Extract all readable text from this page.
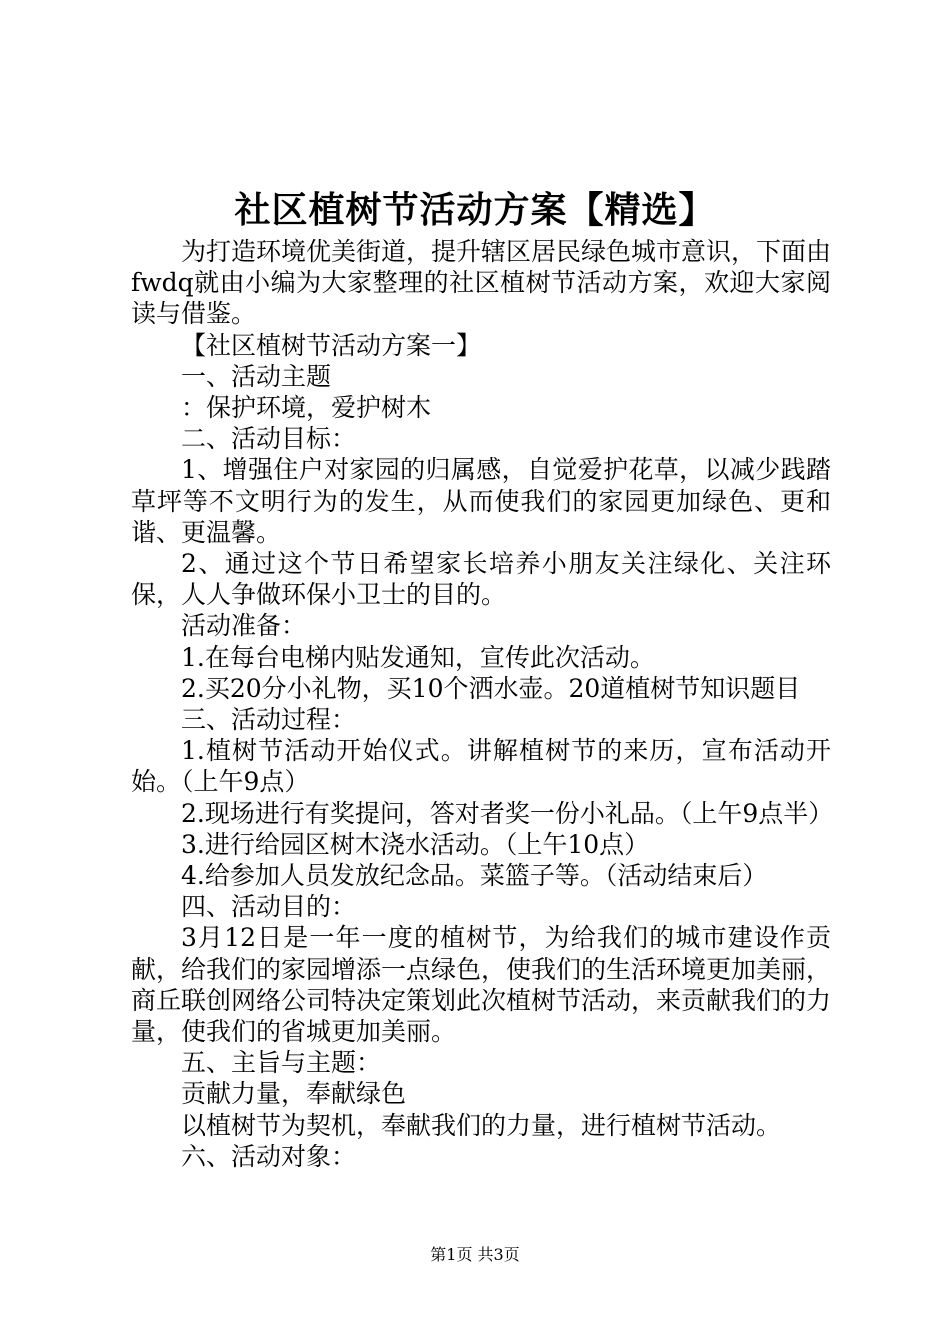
社区植树节活动方案【精选】

为打造环境优美街道，提升辖区居民绿色城市意识，下面由fwdq就由小编为大家整理的社区植树节活动方案，欢迎大家阅读与借鉴。

【社区植树节活动方案一】

一、活动主题

：保护环境，爱护树木

二、活动目标：

1、增强住户对家园的归属感，自觉爱护花草，以减少践踏草坪等不文明行为的发生，从而使我们的家园更加绿色、更和谐、更温馨。

2、通过这个节日希望家长培养小朋友关注绿化、关注环保，人人争做环保小卫士的目的。

活动准备：

1.在每台电梯内贴发通知，宣传此次活动。

2.买20分小礼物，买10个洒水壶。20道植树节知识题目

三、活动过程：

1.植树节活动开始仪式。讲解植树节的来历，宣布活动开始。（上午9点）

2.现场进行有奖提问，答对者奖一份小礼品。（上午9点半）

3.进行给园区树木浇水活动。（上午10点）

4.给参加人员发放纪念品。菜篮子等。（活动结束后）

四、活动目的：

3月12日是一年一度的植树节，为给我们的城市建设作贡献，给我们的家园增添一点绿色，使我们的生活环境更加美丽，商丘联创网络公司特决定策划此次植树节活动，来贡献我们的力量，使我们的省城更加美丽。

五、主旨与主题：

贡献力量，奉献绿色

以植树节为契机，奉献我们的力量，进行植树节活动。

六、活动对象：

第1页 共3页
